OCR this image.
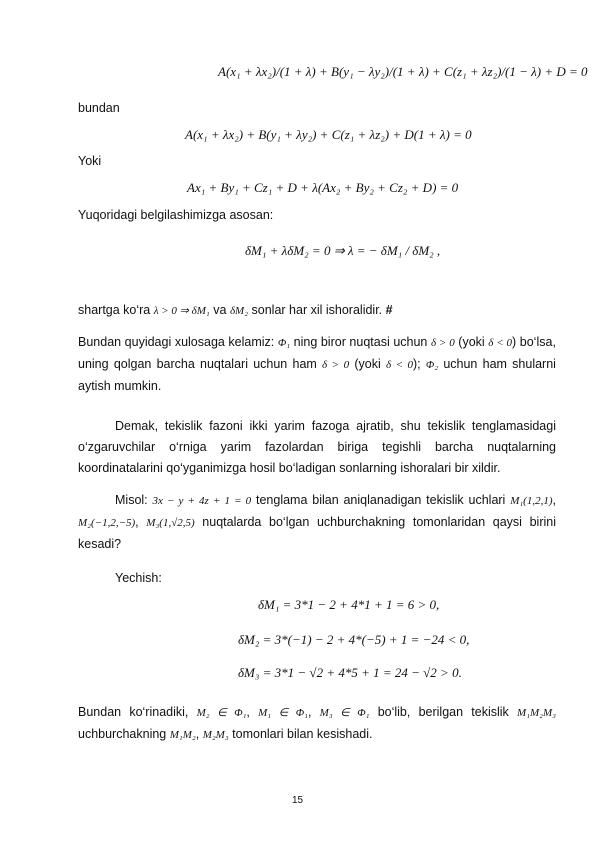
A(x₁ + λx₂)/(1 + λ) + B(y₁ − λy₂)/(1 + λ) + C(z₁ + λz₂)/(1 − λ) + D = 0
bundan
A(x₁ + λx₂) + B(y₁ + λy₂) + C(z₁ + λz₂) + D(1 + λ) = 0
Yoki
Ax₁ + By₁ + Cz₁ + D + λ(Ax₂ + By₂ + Cz₂ + D) = 0
Yuqoridagi belgilashimizga asosan:
δM₁ + λδM₂ = 0 ⇒ λ = − δM₁ / δM₂ ,
shartga ko‘ra λ > 0 ⇒ δM₁ va δM₂ sonlar har xil ishoralidir. #
Bundan quyidagi xulosaga kelamiz: Φ₁ ning biror nuqtasi uchun δ > 0 (yoki δ < 0) bo‘lsa, uning qolgan barcha nuqtalari uchun ham δ > 0 (yoki δ < 0); Φ₂ uchun ham shularni aytish mumkin.
Demak, tekislik fazoni ikki yarim fazoga ajratib, shu tekislik tenglamasidagi o‘zgaruvchilar o‘rniga yarim fazolardan biriga tegishli barcha nuqtalarning koordinatalarini qo‘yganimizga hosil bo‘ladigan sonlarning ishoralari bir xildir.
Misol: 3x − y + 4z + 1 = 0 tenglama bilan aniqlanadigan tekislik uchlari M₁(1,2,1), M₂(−1,2,−5), M₃(1,√2,5) nuqtalarda bo‘lgan uchburchakning tomonlaridan qaysi birini kesadi?
Yechish:
δM₁ = 3*1 − 2 + 4*1 + 1 = 6 > 0,
δM₂ = 3*(−1) − 2 + 4*(−5) + 1 = −24 < 0,
δM₃ = 3*1 − √2 + 4*5 + 1 = 24 − √2 > 0.
Bundan ko‘rinadiki, M₂ ∈ Φ₁, M₁ ∈ Φ₁, M₃ ∈ Φ₁ bo‘lib, berilgan tekislik M₁M₂M₃ uchburchakning M₁M₂, M₂M₃ tomonlari bilan kesishadi.
15
